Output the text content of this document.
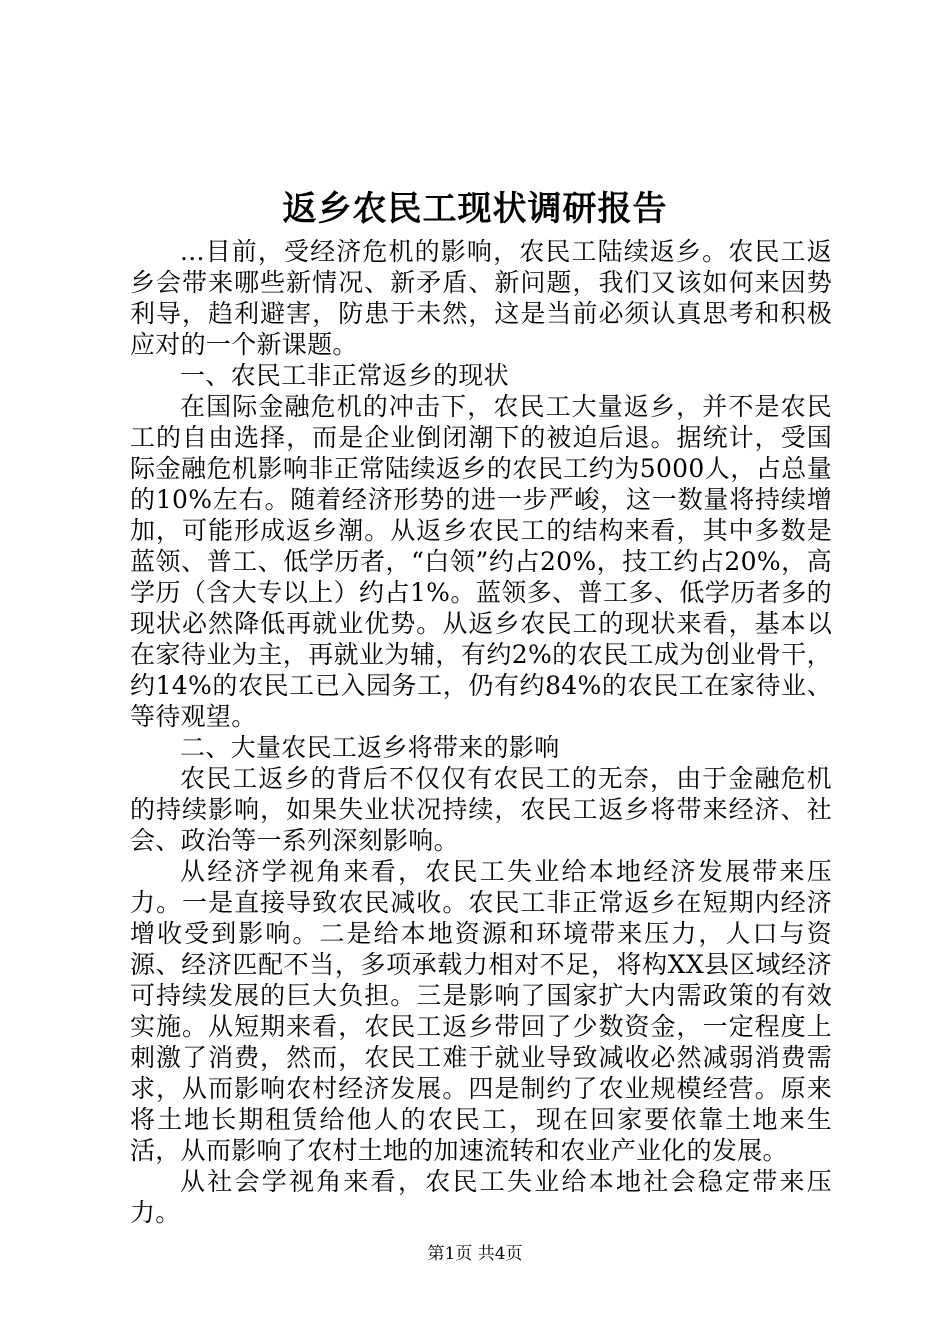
返乡农民工现状调研报告

...目前，受经济危机的影响，农民工陆续返乡。农民工返乡会带来哪些新情况、新矛盾、新问题，我们又该如何来因势利导，趋利避害，防患于未然，这是当前必须认真思考和积极应对的一个新课题。

一、农民工非正常返乡的现状

在国际金融危机的冲击下，农民工大量返乡，并不是农民工的自由选择，而是企业倒闭潮下的被迫后退。据统计，受国际金融危机影响非正常陆续返乡的农民工约为5000人，占总量的10%左右。随着经济形势的进一步严峻，这一数量将持续增加，可能形成返乡潮。从返乡农民工的结构来看，其中多数是蓝领、普工、低学历者，“白领”约占20%，技工约占20%，高学历（含大专以上）约占1%。蓝领多、普工多、低学历者多的现状必然降低再就业优势。从返乡农民工的现状来看，基本以在家待业为主，再就业为辅，有约2%的农民工成为创业骨干，约14%的农民工已入园务工，仍有约84%的农民工在家待业、等待观望。

二、大量农民工返乡将带来的影响

农民工返乡的背后不仅仅有农民工的无奈，由于金融危机的持续影响，如果失业状况持续，农民工返乡将带来经济、社会、政治等一系列深刻影响。

从经济学视角来看，农民工失业给本地经济发展带来压力。一是直接导致农民减收。农民工非正常返乡在短期内经济增收受到影响。二是给本地资源和环境带来压力，人口与资源、经济匹配不当，多项承载力相对不足，将构XX县区域经济可持续发展的巨大负担。三是影响了国家扩大内需政策的有效实施。从短期来看，农民工返乡带回了少数资金，一定程度上刺激了消费，然而，农民工难于就业导致减收必然减弱消费需求，从而影响农村经济发展。四是制约了农业规模经营。原来将土地长期租赁给他人的农民工，现在回家要依靠土地来生活，从而影响了农村土地的加速流转和农业产业化的发展。

从社会学视角来看，农民工失业给本地社会稳定带来压力。

第1页 共4页
